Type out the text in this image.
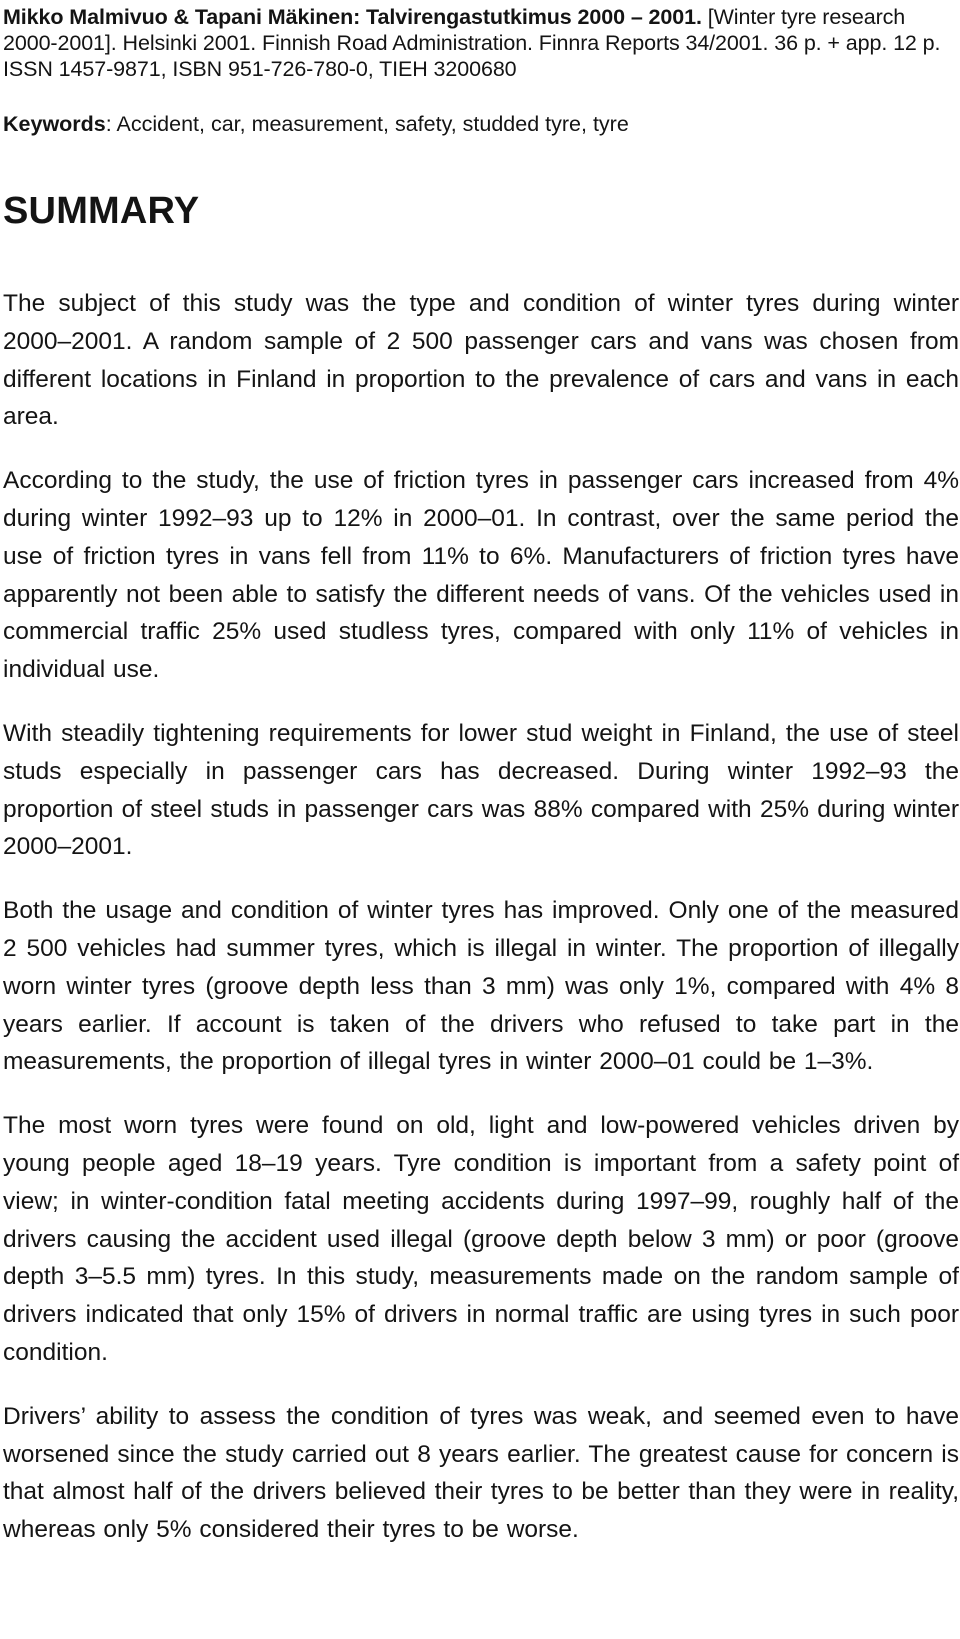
Mikko Malmivuo & Tapani Mäkinen: Talvirengastutkimus 2000 – 2001. [Winter tyre research 2000-2001]. Helsinki 2001. Finnish Road Administration. Finnra Reports 34/2001. 36 p. + app. 12 p. ISSN 1457-9871, ISBN 951-726-780-0, TIEH 3200680

Keywords: Accident, car, measurement, safety, studded tyre, tyre

SUMMARY

The subject of this study was the type and condition of winter tyres during winter 2000–2001. A random sample of 2 500 passenger cars and vans was chosen from different locations in Finland in proportion to the prevalence of cars and vans in each area.

According to the study, the use of friction tyres in passenger cars increased from 4% during winter 1992–93 up to 12% in 2000–01. In contrast, over the same period the use of friction tyres in vans fell from 11% to 6%. Manufacturers of friction tyres have apparently not been able to satisfy the different needs of vans. Of the vehicles used in commercial traffic 25% used studless tyres, compared with only 11% of vehicles in individual use.

With steadily tightening requirements for lower stud weight in Finland, the use of steel studs especially in passenger cars has decreased. During winter 1992–93 the proportion of steel studs in passenger cars was 88% compared with 25% during winter 2000–2001.

Both the usage and condition of winter tyres has improved. Only one of the measured 2 500 vehicles had summer tyres, which is illegal in winter. The proportion of illegally worn winter tyres (groove depth less than 3 mm) was only 1%, compared with 4% 8 years earlier. If account is taken of the drivers who refused to take part in the measurements, the proportion of illegal tyres in winter 2000–01 could be 1–3%.

The most worn tyres were found on old, light and low-powered vehicles driven by young people aged 18–19 years. Tyre condition is important from a safety point of view; in winter-condition fatal meeting accidents during 1997–99, roughly half of the drivers causing the accident used illegal (groove depth below 3 mm) or poor (groove depth 3–5.5 mm) tyres. In this study, measurements made on the random sample of drivers indicated that only 15% of drivers in normal traffic are using tyres in such poor condition.

Drivers’ ability to assess the condition of tyres was weak, and seemed even to have worsened since the study carried out 8 years earlier. The greatest cause for concern is that almost half of the drivers believed their tyres to be better than they were in reality, whereas only 5% considered their tyres to be worse.
